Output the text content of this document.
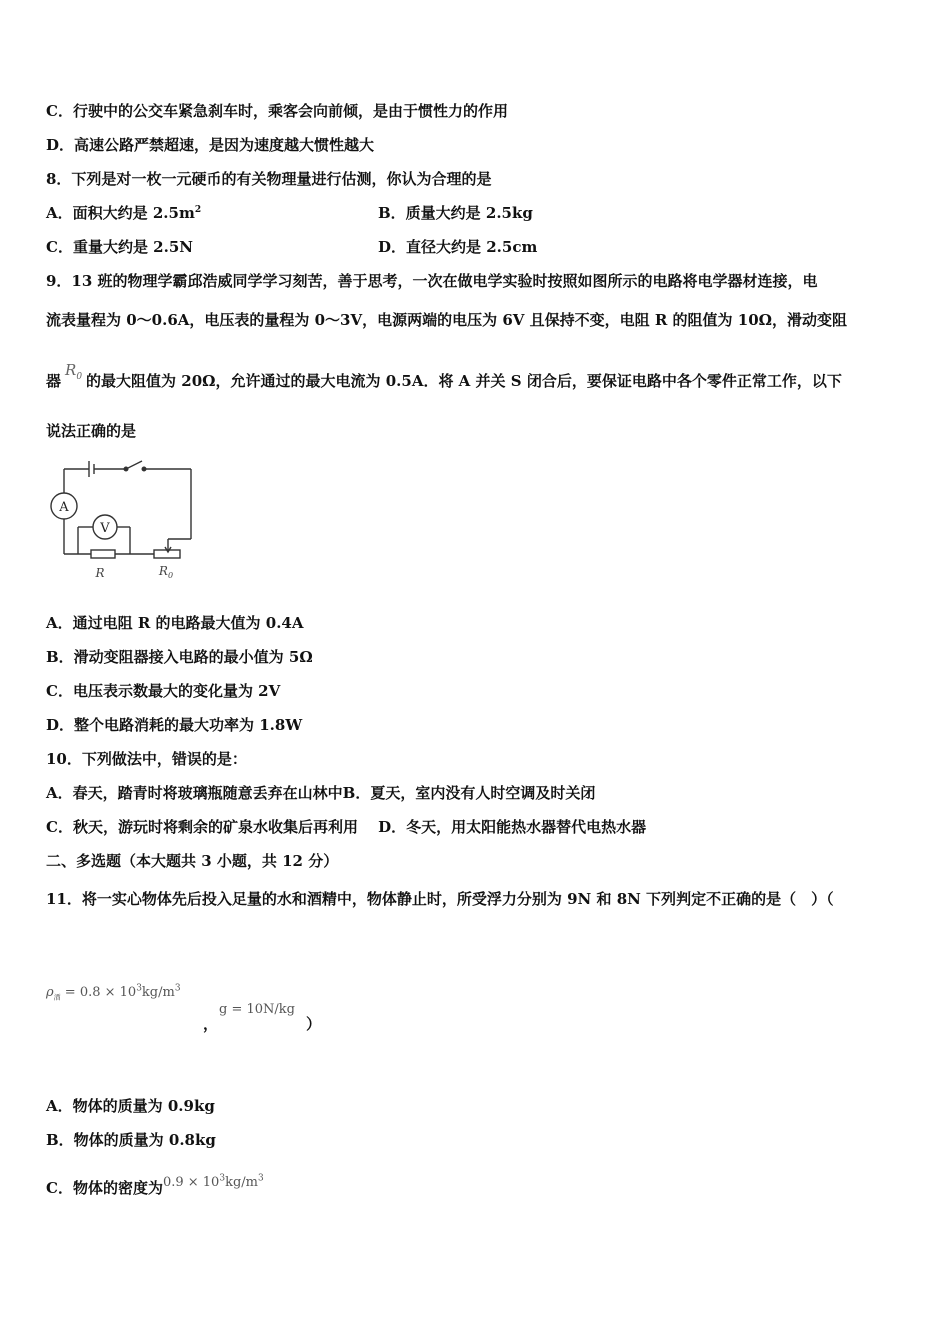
C．行驶中的公交车紧急刹车时，乘客会向前倾，是由于惯性力的作用
D．高速公路严禁超速，是因为速度越大惯性越大
8．下列是对一枚一元硬币的有关物理量进行估测，你认为合理的是
A．面积大约是 $2.5m^2$	B．质量大约是 2.5kg
C．重量大约是 2.5N	D．直径大约是 2.5cm
9．13 班的物理学霸邱浩威同学学习刻苦，善于思考，一次在做电学实验时按照如图所示的电路将电学器材连接，电
流表量程为 0～0.6A，电压表的量程为 0～3V，电源两端的电压为 6V 且保持不变，电阻 R 的阻值为 10Ω，滑动变阻
器$R_0$ 的最大阻值为 20Ω，允许通过的最大电流为 0.5A．将 A 并关 S 闭合后，要保证电路中各个零件正常工作，以下
说法正确的是
A
V
R	$R_0$
A．通过电阻 R 的电路最大值为 0.4A
B．滑动变阻器接入电路的最小值为 5Ω
C．电压表示数最大的变化量为 2V
D．整个电路消耗的最大功率为 1.8W
10．下列做法中，错误的是：
A．春天，踏青时将玻璃瓶随意丢弃在山林中B．夏天，室内没有人时空调及时关闭
C．秋天，游玩时将剩余的矿泉水收集后再利用　 D．冬天，用太阳能热水器替代电热水器
二、多选题（本大题共 3 小题，共 12 分）
11．将一实心物体先后投入足量的水和酒精中，物体静止时，所受浮力分别为 9N 和 8N 下列判定不正确的是（　）（
$\rho_酒 = 0.8 \times 10^3kg/m^3$
，
g = 10N/kg
）
A．物体的质量为 0.9kg
B．物体的质量为 0.8kg
C．物体的密度为$0.9 \times 10^3kg/m^3$
